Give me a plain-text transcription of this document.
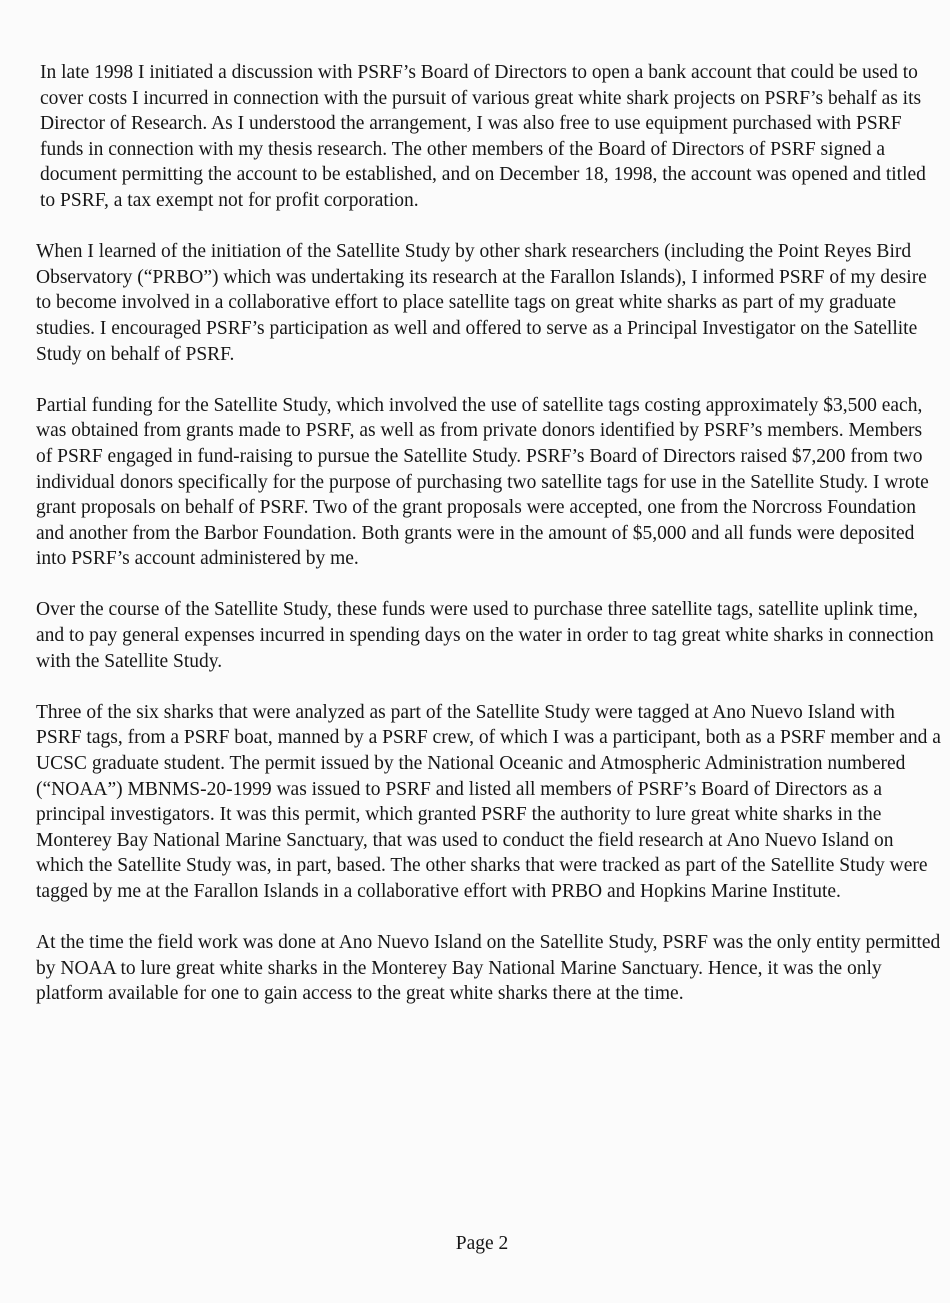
In late 1998 I initiated a discussion with PSRF’s Board of Directors to open a bank account that could be used to cover costs I incurred in connection with the pursuit of various great white shark projects on PSRF’s behalf as its Director of Research. As I understood the arrangement, I was also free to use equipment purchased with PSRF funds in connection with my thesis research. The other members of the Board of Directors of PSRF signed a document permitting the account to be established, and on December 18, 1998, the account was opened and titled to PSRF, a tax exempt not for profit corporation.

When I learned of the initiation of the Satellite Study by other shark researchers (including the Point Reyes Bird Observatory (“PRBO”) which was undertaking its research at the Farallon Islands), I informed PSRF of my desire to become involved in a collaborative effort to place satellite tags on great white sharks as part of my graduate studies. I encouraged PSRF’s participation as well and offered to serve as a Principal Investigator on the Satellite Study on behalf of PSRF.

Partial funding for the Satellite Study, which involved the use of satellite tags costing approximately $3,500 each, was obtained from grants made to PSRF, as well as from private donors identified by PSRF’s members. Members of PSRF engaged in fund-raising to pursue the Satellite Study. PSRF’s Board of Directors raised $7,200 from two individual donors specifically for the purpose of purchasing two satellite tags for use in the Satellite Study. I wrote grant proposals on behalf of PSRF. Two of the grant proposals were accepted, one from the Norcross Foundation and another from the Barbor Foundation. Both grants were in the amount of $5,000 and all funds were deposited into PSRF’s account administered by me.

Over the course of the Satellite Study, these funds were used to purchase three satellite tags, satellite uplink time, and to pay general expenses incurred in spending days on the water in order to tag great white sharks in connection with the Satellite Study.

Three of the six sharks that were analyzed as part of the Satellite Study were tagged at Ano Nuevo Island with PSRF tags, from a PSRF boat, manned by a PSRF crew, of which I was a participant, both as a PSRF member and a UCSC graduate student. The permit issued by the National Oceanic and Atmospheric Administration numbered (“NOAA”) MBNMS-20-1999 was issued to PSRF and listed all members of PSRF’s Board of Directors as a principal investigators. It was this permit, which granted PSRF the authority to lure great white sharks in the Monterey Bay National Marine Sanctuary, that was used to conduct the field research at Ano Nuevo Island on which the Satellite Study was, in part, based. The other sharks that were tracked as part of the Satellite Study were tagged by me at the Farallon Islands in a collaborative effort with PRBO and Hopkins Marine Institute.

At the time the field work was done at Ano Nuevo Island on the Satellite Study, PSRF was the only entity permitted by NOAA to lure great white sharks in the Monterey Bay National Marine Sanctuary. Hence, it was the only platform available for one to gain access to the great white sharks there at the time.

Page 2
